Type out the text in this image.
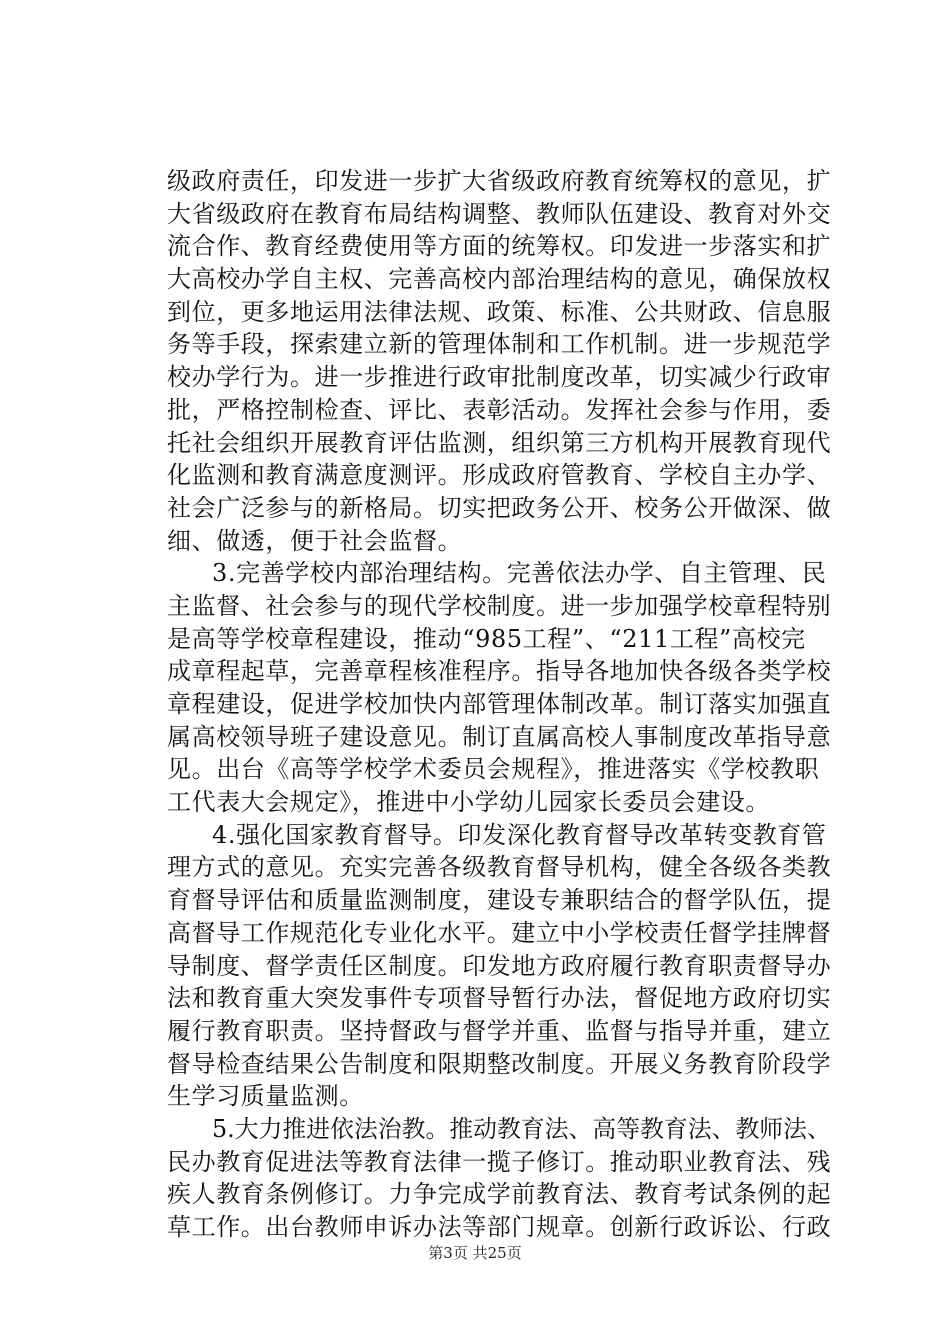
级政府责任，印发进一步扩大省级政府教育统筹权的意见，扩
大省级政府在教育布局结构调整、教师队伍建设、教育对外交
流合作、教育经费使用等方面的统筹权。印发进一步落实和扩
大高校办学自主权、完善高校内部治理结构的意见，确保放权
到位，更多地运用法律法规、政策、标准、公共财政、信息服
务等手段，探索建立新的管理体制和工作机制。进一步规范学
校办学行为。进一步推进行政审批制度改革，切实减少行政审
批，严格控制检查、评比、表彰活动。发挥社会参与作用，委
托社会组织开展教育评估监测，组织第三方机构开展教育现代
化监测和教育满意度测评。形成政府管教育、学校自主办学、
社会广泛参与的新格局。切实把政务公开、校务公开做深、做
细、做透，便于社会监督。
3.完善学校内部治理结构。完善依法办学、自主管理、民
主监督、社会参与的现代学校制度。进一步加强学校章程特别
是高等学校章程建设，推动“985工程”、“211工程”高校完
成章程起草，完善章程核准程序。指导各地加快各级各类学校
章程建设，促进学校加快内部管理体制改革。制订落实加强直
属高校领导班子建设意见。制订直属高校人事制度改革指导意
见。出台《高等学校学术委员会规程》，推进落实《学校教职
工代表大会规定》，推进中小学幼儿园家长委员会建设。
4.强化国家教育督导。印发深化教育督导改革转变教育管
理方式的意见。充实完善各级教育督导机构，健全各级各类教
育督导评估和质量监测制度，建设专兼职结合的督学队伍，提
高督导工作规范化专业化水平。建立中小学校责任督学挂牌督
导制度、督学责任区制度。印发地方政府履行教育职责督导办
法和教育重大突发事件专项督导暂行办法，督促地方政府切实
履行教育职责。坚持督政与督学并重、监督与指导并重，建立
督导检查结果公告制度和限期整改制度。开展义务教育阶段学
生学习质量监测。
5.大力推进依法治教。推动教育法、高等教育法、教师法、
民办教育促进法等教育法律一揽子修订。推动职业教育法、残
疾人教育条例修订。力争完成学前教育法、教育考试条例的起
草工作。出台教师申诉办法等部门规章。创新行政诉讼、行政
第3页 共25页
